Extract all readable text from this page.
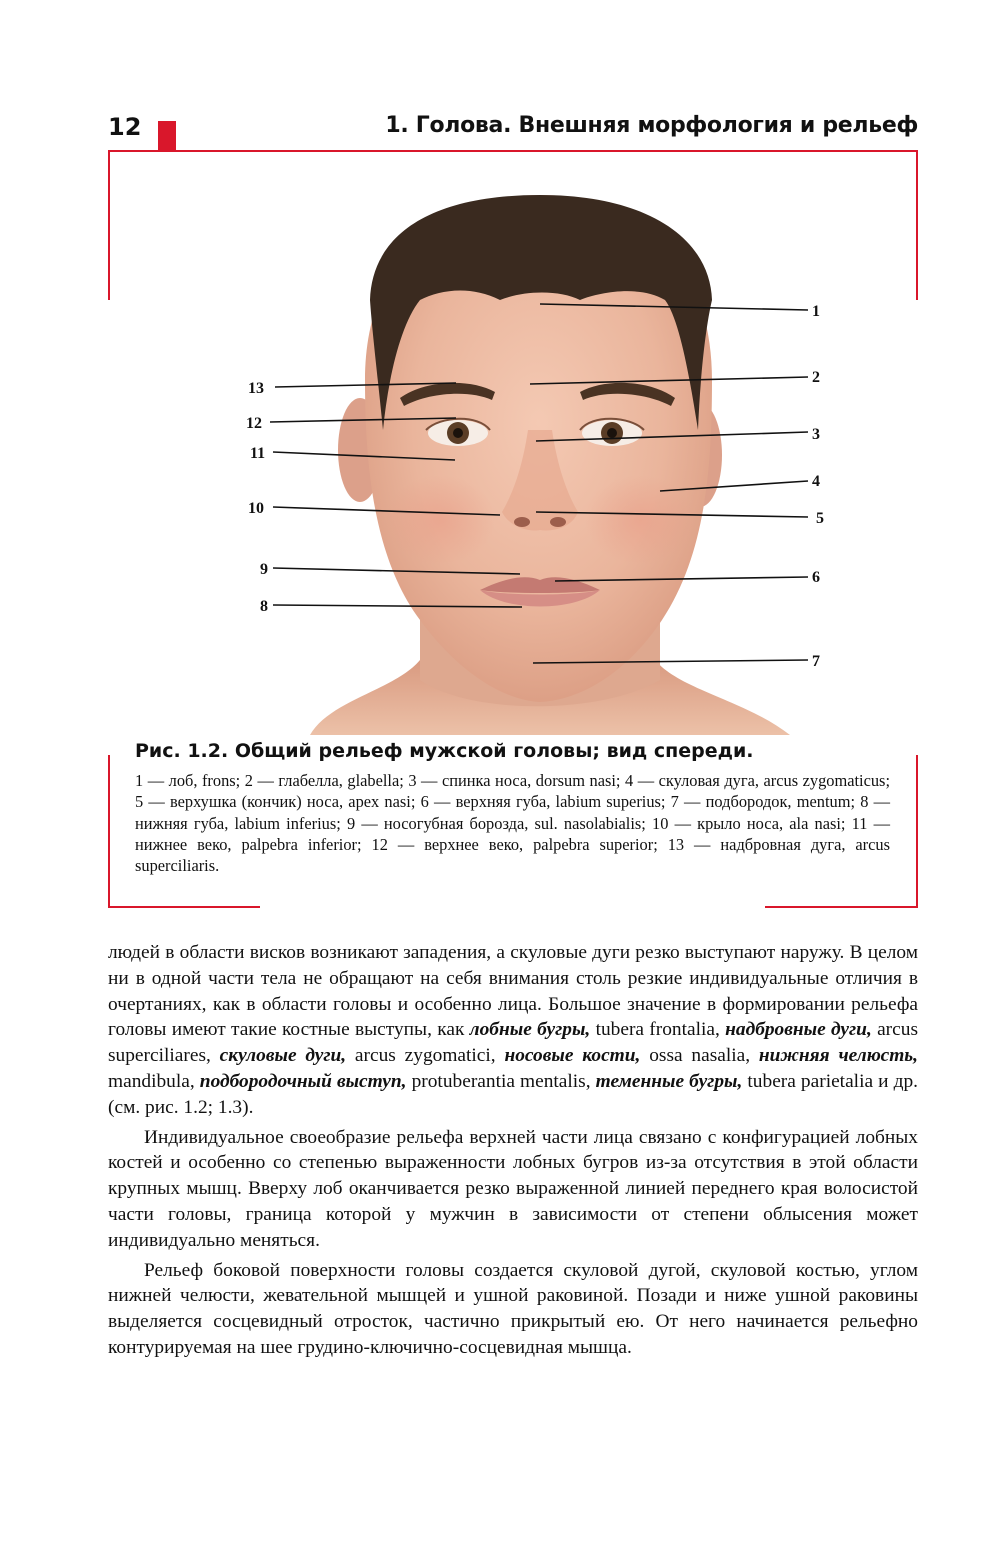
12	1. Голова. Внешняя морфология и рельеф
1
2
3
4
5
6
7
13
12
11
10
9
8
Рис. 1.2. Общий рельеф мужской головы; вид спереди.
1 — лоб, frons; 2 — глабелла, glabella; 3 — спинка носа, dorsum nasi; 4 — скуловая дуга, arcus zygomaticus; 5 — верхушка (кончик) носа, apex nasi; 6 — верхняя губа, labium superius; 7 — подбородок, mentum; 8 — нижняя губа, labium inferius; 9 — носогубная борозда, sul. nasolabialis; 10 — крыло носа, ala nasi; 11 — нижнее веко, palpebra inferior; 12 — верхнее веко, palpebra superior; 13 — надбровная дуга, arcus superciliaris.

людей в области висков возникают западения, а скуловые дуги резко выступают наружу. В целом ни в одной части тела не обращают на себя внимания столь резкие индивидуальные отличия в очертаниях, как в области головы и особенно лица. Большое значение в формировании рельефа головы имеют такие костные выступы, как лобные бугры, tubera frontalia, надбровные дуги, arcus superciliares, скуловые дуги, arcus zygomatici, носовые кости, ossa nasalia, нижняя челюсть, mandibula, подбородочный выступ, protuberantia mentalis, теменные бугры, tubera parietalia и др. (см. рис. 1.2; 1.3).

Индивидуальное своеобразие рельефа верхней части лица связано с конфигурацией лобных костей и особенно со степенью выраженности лобных бугров из-за отсутствия в этой области крупных мышц. Вверху лоб оканчивается резко выраженной линией переднего края волосистой части головы, граница которой у мужчин в зависимости от степени облысения может индивидуально меняться.

Рельеф боковой поверхности головы создается скуловой дугой, скуловой костью, углом нижней челюсти, жевательной мышцей и ушной раковиной. Позади и ниже ушной раковины выделяется сосцевидный отросток, частично прикрытый ею. От него начинается рельефно контурируемая на шее грудино-ключично-сосцевидная мышца.
